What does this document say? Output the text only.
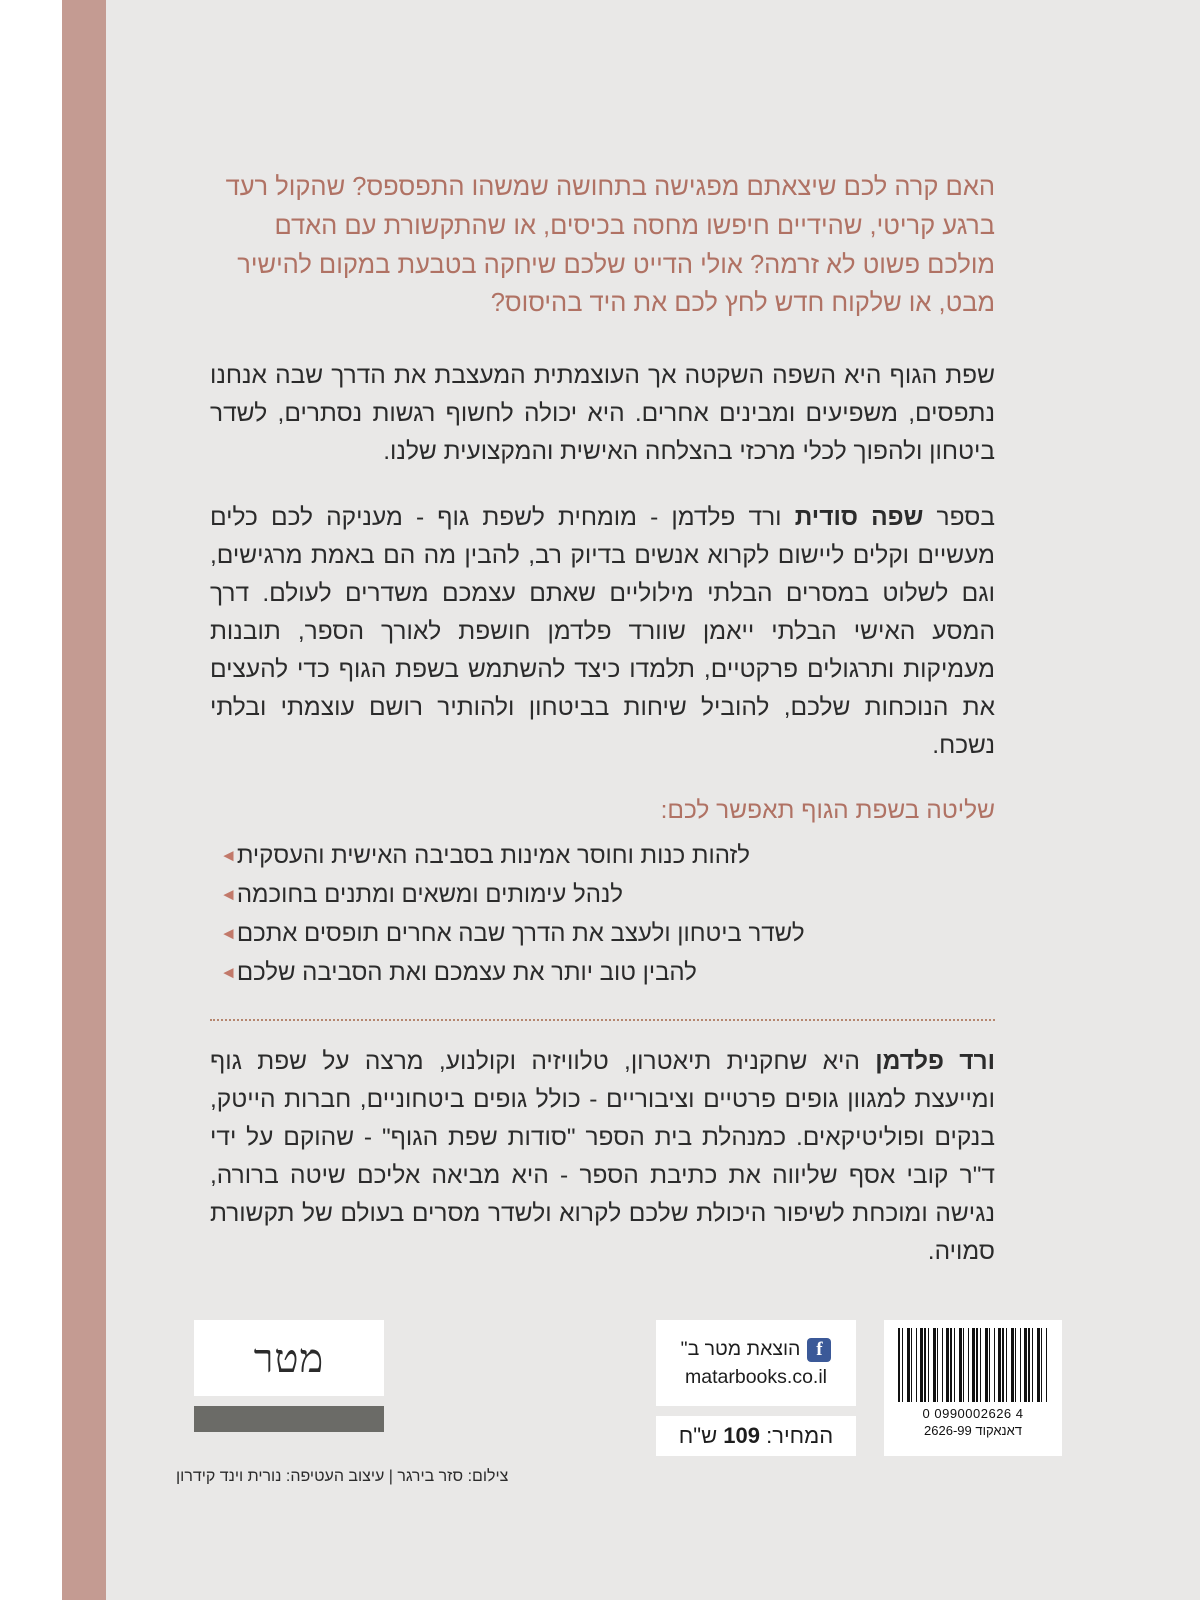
האם קרה לכם שיצאתם מפגישה בתחושה שמשהו התפספס? שהקול רעד ברגע קריטי, שהידיים חיפשו מחסה בכיסים, או שהתקשורת עם האדם מולכם פשוט לא זרמה? אולי הדייט שלכם שיחקה בטבעת במקום להישיר מבט, או שלקוח חדש לחץ לכם את היד בהיסוס?

שפת הגוף היא השפה השקטה אך העוצמתית המעצבת את הדרך שבה אנחנו נתפסים, משפיעים ומבינים אחרים. היא יכולה לחשוף רגשות נסתרים, לשדר ביטחון ולהפוך לכלי מרכזי בהצלחה האישית והמקצועית שלנו.

בספר שפה סודית ורד פלדמן - מומחית לשפת גוף - מעניקה לכם כלים מעשיים וקלים ליישום לקרוא אנשים בדיוק רב, להבין מה הם באמת מרגישים, וגם לשלוט במסרים הבלתי מילוליים שאתם עצמכם משדרים לעולם. דרך המסע האישי הבלתי ייאמן שוורד פלדמן חושפת לאורך הספר, תובנות מעמיקות ותרגולים פרקטיים, תלמדו כיצד להשתמש בשפת הגוף כדי להעצים את הנוכחות שלכם, להוביל שיחות בביטחון ולהותיר רושם עוצמתי ובלתי נשכח.

שליטה בשפת הגוף תאפשר לכם:

◄ לזהות כנות וחוסר אמינות בסביבה האישית והעסקית
◄ לנהל עימותים ומשאים ומתנים בחוכמה
◄ לשדר ביטחון ולעצב את הדרך שבה אחרים תופסים אתכם
◄ להבין טוב יותר את עצמכם ואת הסביבה שלכם

ורד פלדמן היא שחקנית תיאטרון, טלוויזיה וקולנוע, מרצה על שפת גוף ומייעצת למגוון גופים פרטיים וציבוריים - כולל גופים ביטחוניים, חברות הייטק, בנקים ופוליטיקאים. כמנהלת בית הספר "סודות שפת הגוף" - שהוקם על ידי ד"ר קובי אסף שליווה את כתיבת הספר - היא מביאה אליכם שיטה ברורה, נגישה ומוכחת לשיפור היכולת שלכם לקרוא ולשדר מסרים בעולם של תקשורת סמויה.

מטר	f
הוצאת מטר ב"
matarbooks.co.il
המחיר: 109 ש"ח
0 0990002626 4
דאנאקוד 2626-99
צילום: סזר בירגר | עיצוב העטיפה: נורית וינד קידרון
